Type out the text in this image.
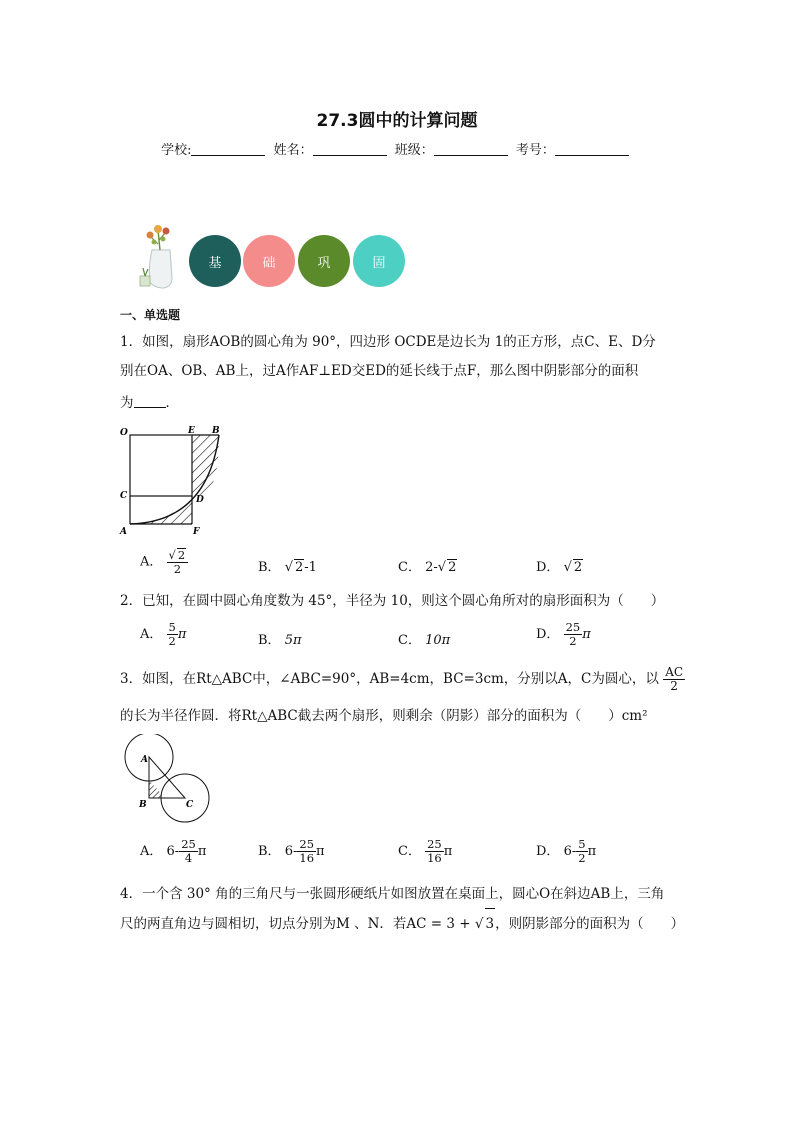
27.3圆中的计算问题
学校:	姓名：	班级：	考号：
基	础	巩	固
一、单选题
1．如图，扇形AOB的圆心角为 90°，四边形 OCDE是边长为 1的正方形，点C、E、D分
别在OA、OB、AB上，过A作AF⊥ED交ED的延长线于点F，那么图中阴影部分的面积
为 ．
O	E B
C	D
A	F
A． $\frac{√ 2}{2}$	B． √ 2-1	C． 2-√ 2	D． √ 2
2．已知，在圆中圆心角度数为 45°，半径为 10，则这个圆心角所对的扇形面积为（　　）
A． $\frac{5}{2}$ π	B． 5π	C． 10π	D． $\frac{25}{2}$ π
3．如图，在Rt△ABC中，∠ABC=90°，AB=4cm，BC=3cm，分别以A，C为圆心，以 $\frac{AC}{2}$
的长为半径作圆．将Rt△ABC截去两个扇形，则剩余（阴影）部分的面积为（　　）cm²
A
B	C
A． $6- \frac{25}{4}$ π	B． $6- \frac{25}{16}$ π	C． $\frac{25}{16}$ π	D． $6- \frac{5}{2}$ π
4．一个含 30° 角的三角尺与一张圆形硬纸片如图放置在桌面上，圆心O在斜边AB上，三角
尺的两直角边与圆相切，切点分别为M 、N．若AC = 3 + √ 3，则阴影部分的面积为（　　）
